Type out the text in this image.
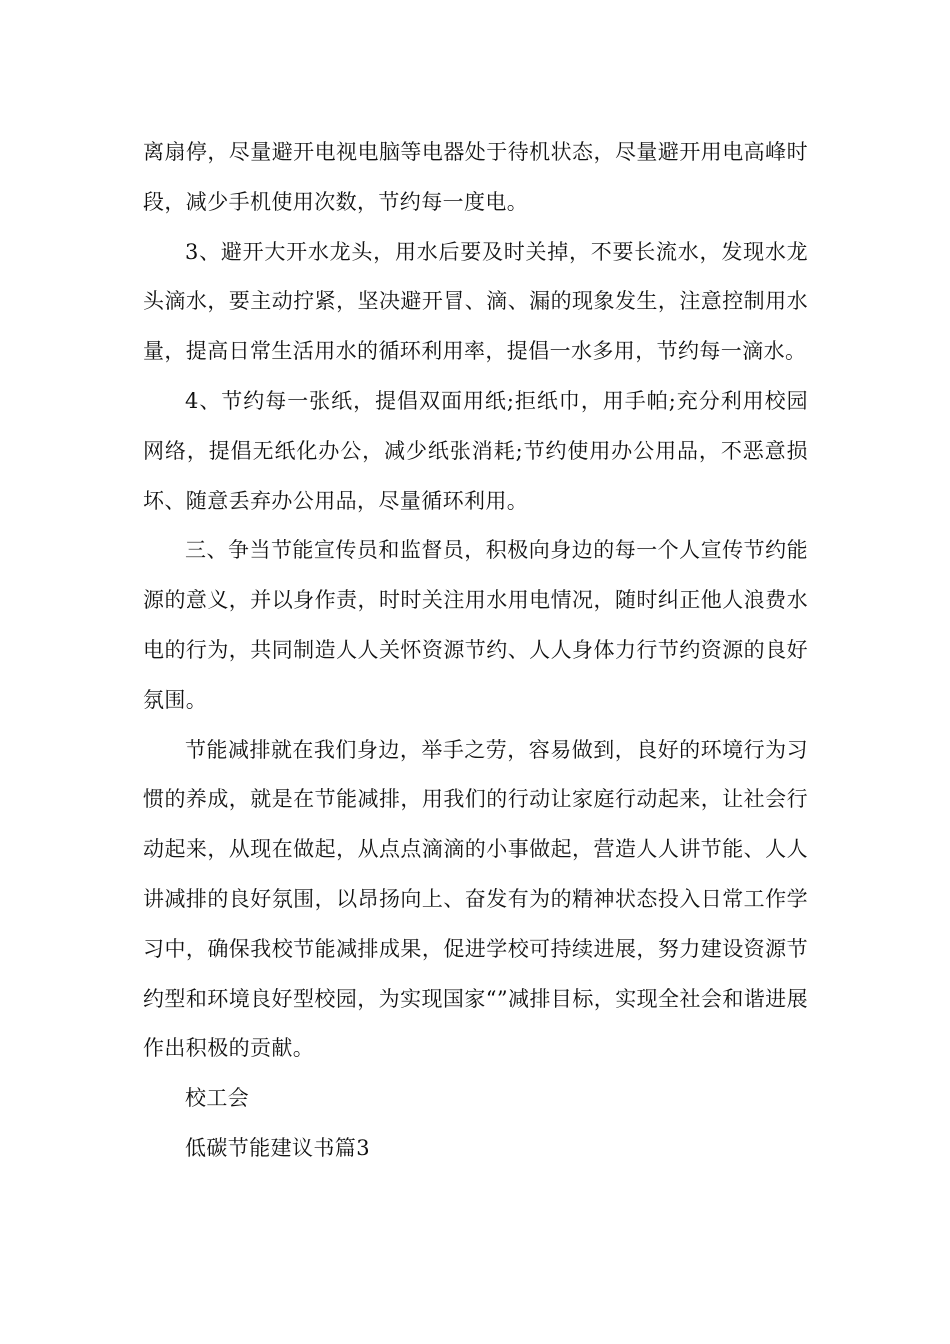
离扇停，尽量避开电视电脑等电器处于待机状态，尽量避开用电高峰时段，减少手机使用次数，节约每一度电。

3、避开大开水龙头，用水后要及时关掉，不要长流水，发现水龙头滴水，要主动拧紧，坚决避开冒、滴、漏的现象发生，注意控制用水量，提高日常生活用水的循环利用率，提倡一水多用，节约每一滴水。

4、节约每一张纸，提倡双面用纸;拒纸巾，用手帕;充分利用校园网络，提倡无纸化办公，减少纸张消耗;节约使用办公用品，不恶意损坏、随意丢弃办公用品，尽量循环利用。

三、争当节能宣传员和监督员，积极向身边的每一个人宣传节约能源的意义，并以身作责，时时关注用水用电情况，随时纠正他人浪费水电的行为，共同制造人人关怀资源节约、人人身体力行节约资源的良好氛围。

节能减排就在我们身边，举手之劳，容易做到，良好的环境行为习惯的养成，就是在节能减排，用我们的行动让家庭行动起来，让社会行动起来，从现在做起，从点点滴滴的小事做起，营造人人讲节能、人人讲减排的良好氛围，以昂扬向上、奋发有为的精神状态投入日常工作学习中，确保我校节能减排成果，促进学校可持续进展，努力建设资源节约型和环境良好型校园，为实现国家“”减排目标，实现全社会和谐进展作出积极的贡献。

校工会

低碳节能建议书篇3
